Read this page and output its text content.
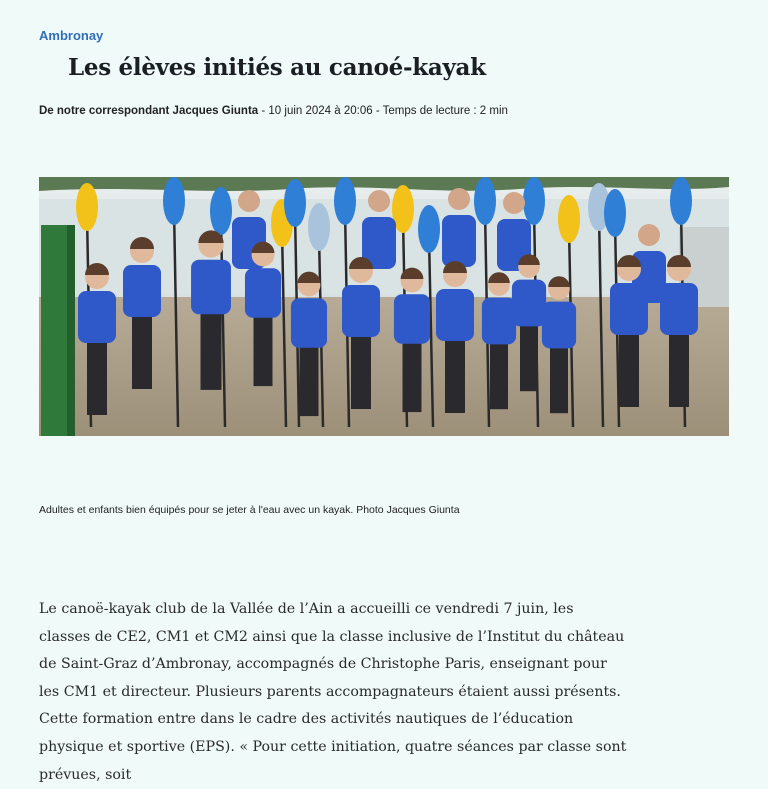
Ambronay
Les élèves initiés au canoé-kayak
De notre correspondant Jacques Giunta - 10 juin 2024 à 20:06 - Temps de lecture : 2 min
Adultes et enfants bien équipés pour se jeter à l'eau avec un kayak. Photo Jacques Giunta

Le canoë-kayak club de la Vallée de l’Ain a accueilli ce vendredi 7 juin, les classes de CE2, CM1 et CM2 ainsi que la classe inclusive de l’Institut du château de Saint-Graz d’Ambronay, accompagnés de Christophe Paris, enseignant pour les CM1 et directeur. Plusieurs parents accompagnateurs étaient aussi présents. Cette formation entre dans le cadre des activités nautiques de l’éducation physique et sportive (EPS). « Pour cette initiation, quatre séances par classe sont prévues, soit
